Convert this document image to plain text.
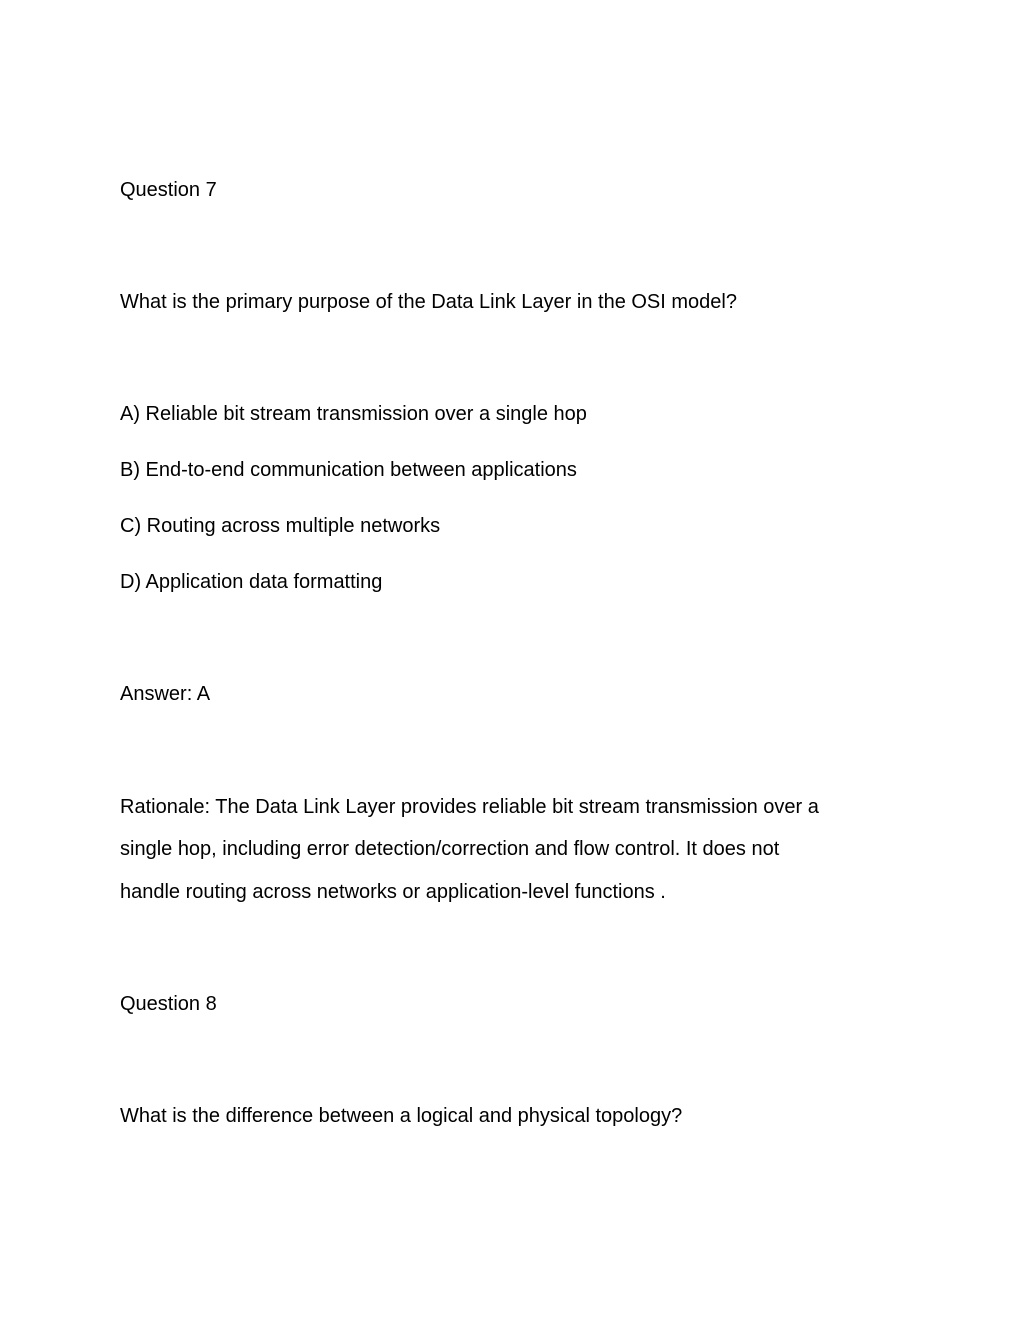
Question 7
What is the primary purpose of the Data Link Layer in the OSI model?
A) Reliable bit stream transmission over a single hop
B) End-to-end communication between applications
C) Routing across multiple networks
D) Application data formatting
Answer: A
Rationale: The Data Link Layer provides reliable bit stream transmission over a
single hop, including error detection/correction and flow control. It does not
handle routing across networks or application-level functions .
Question 8
What is the difference between a logical and physical topology?
